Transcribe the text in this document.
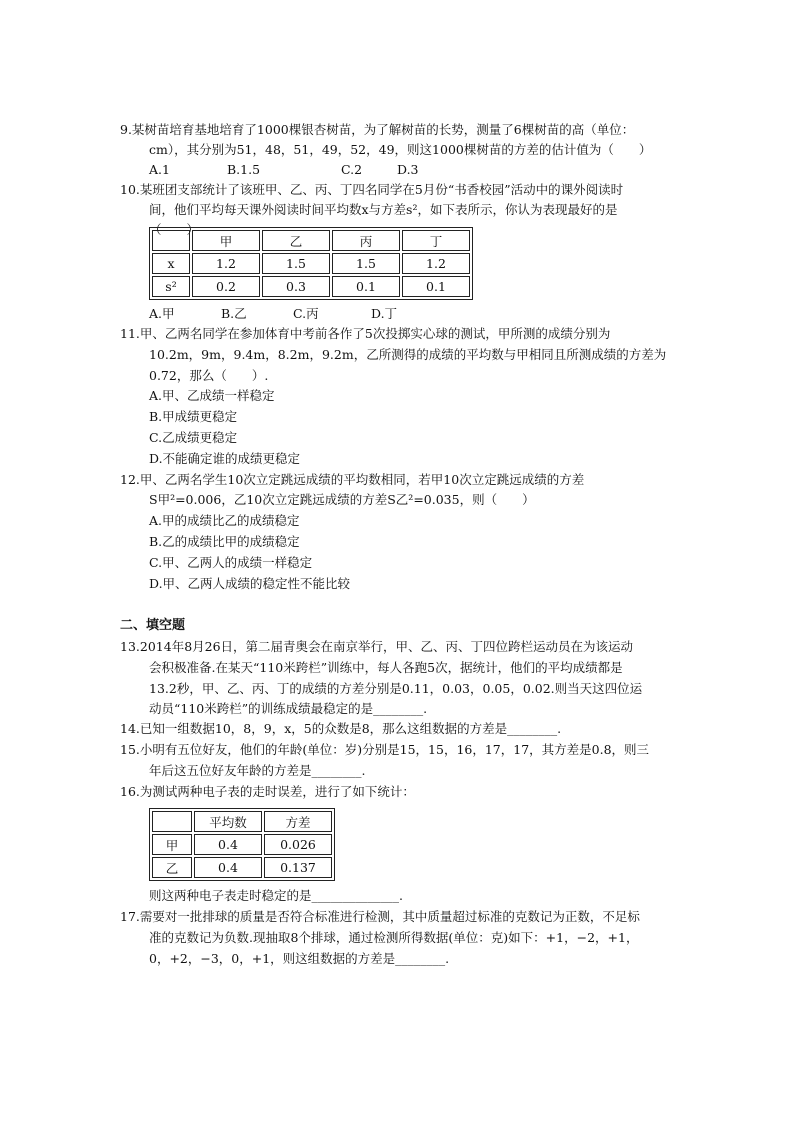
9.某树苗培育基地培育了1000棵银杏树苗，为了解树苗的长势，测量了6棵树苗的高（单位：
cm），其分别为51，48，51，49，52，49，则这1000棵树苗的方差的估计值为（　　）
A.1	B.1.5	C.2	D.3
10.某班团支部统计了该班甲、乙、丙、丁四名同学在5月份“书香校园”活动中的课外阅读时
间，他们平均每天课外阅读时间平均数x与方差s²，如下表所示，你认为表现最好的是
（　　）
	甲	乙	丙	丁
x	1.2	1.5	1.5	1.2
s²	0.2	0.3	0.1	0.1
A.甲	B.乙	C.丙	D.丁
11.甲、乙两名同学在参加体育中考前各作了5次投掷实心球的测试，甲所测的成绩分别为
10.2m，9m，9.4m，8.2m，9.2m，乙所测得的成绩的平均数与甲相同且所测成绩的方差为
0.72，那么（　　）.
A.甲、乙成绩一样稳定
B.甲成绩更稳定
C.乙成绩更稳定
D.不能确定谁的成绩更稳定
12.甲、乙两名学生10次立定跳远成绩的平均数相同，若甲10次立定跳远成绩的方差
S甲²=0.006，乙10次立定跳远成绩的方差S乙²=0.035，则（　　）
A.甲的成绩比乙的成绩稳定
B.乙的成绩比甲的成绩稳定
C.甲、乙两人的成绩一样稳定
D.甲、乙两人成绩的稳定性不能比较
二、填空题
13.2014年8月26日，第二届青奥会在南京举行，甲、乙、丙、丁四位跨栏运动员在为该运动
会积极准备.在某天“110米跨栏”训练中，每人各跑5次，据统计，他们的平均成绩都是
13.2秒，甲、乙、丙、丁的成绩的方差分别是0.11，0.03，0.05，0.02.则当天这四位运
动员“110米跨栏”的训练成绩最稳定的是________.
14.已知一组数据10，8，9，x，5的众数是8，那么这组数据的方差是________.
15.小明有五位好友，他们的年龄(单位：岁)分别是15，15，16，17，17，其方差是0.8，则三
年后这五位好友年龄的方差是________.
16.为测试两种电子表的走时误差，进行了如下统计：
	平均数	方差
甲	0.4	0.026
乙	0.4	0.137
则这两种电子表走时稳定的是______________.
17.需要对一批排球的质量是否符合标准进行检测，其中质量超过标准的克数记为正数，不足标
准的克数记为负数.现抽取8个排球，通过检测所得数据(单位：克)如下：+1，−2，+1，
0，+2，−3，0，+1，则这组数据的方差是________.
